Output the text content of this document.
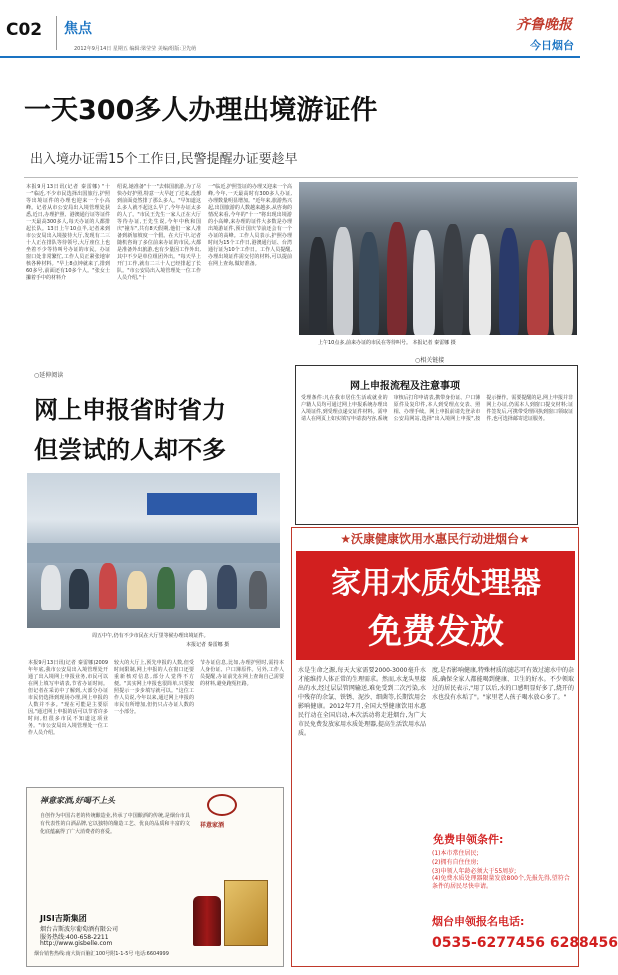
C02 焦点
2012年9月14日 星期五 编辑:梁莹莹 美编/组版:卫先萌
齐鲁晚报
今日烟台
一天300多人办理出境游证件
出入境办证需15个工作日,民警提醒办证要趁早
本报9月13日讯(记者 秦雷娜) "十一"临近,不少市民选择出国旅行,护照等出境证件的办理也迎来一个小高峰。记者从市公安局出入境管理处获悉,近日,办理护照、港澳通行证等证件一天最高300多人,每天办证的人都排起长队。13日上午10点半,记者来到市公安局出入境接待大厅,发现有二三十人正在排队等待领号,大厅座位上也坐着不少等待叫号办证的市民。办证窗口处非常繁忙,工作人员正紧张地审核各种材料。"早上8点钟就来了,排到60多号,前面还有10多个人。"张女士攥着手中的材料介
绍说,她准备"十一"去韩国旅游,为了尽快办好护照,特意一大早赶了过来,没想到前面竟然排了那么多人。"早知道这么多人就不起这么早了,今年办证太多的人了。"市民王先生一家人正在大厅等待办证,王先生说,今年中秋和国庆"撞车",共有8天假期,他们一家人准备到新加坡度一个假。在大厅中,记者随机咨询了多位前来办证的市民,大都是准备外出旅游,也有少量因工作外出,其中不少是单位组团外出。"每天早上开门工作,就有二三十人已经排起了长队。"市公安局出入境管理处一位工作人员介绍,"十
一"临近,护照签证的办理又迎来一个高峰,今年,一天最高时有300多人办证,办理数量明显增加。"近年来,旅游热兴起,出国旅游的人数越来越多,从咨询的情况来看,今年的"十一"将出现出境游的小高峰,来办理的证件大多数是办理出境游证件,预计国庆节前还会有一个办证的高峰。工作人员表示,护照办理时间为15个工作日,港澳通行证、台湾通行证为10个工作日。工作人员提醒,办理出境证件需交付的材料,可以提前在网上查询,做好准备。
上午10点多,前来办证的市民在等待叫号。 本报记者 秦雷娜 摄
○相关链接
网上申报流程及注意事项
受理条件:凡在我市居住生活或就业的户籍人员均可通过网上申报系统办理出入境证件,到受理点递交证件材料。需申请人在网页上如实填写申请表内容,系统审核后打印申请表,携带身份证、户口簿原件及复印件,本人到受理点交表、照相、办理手续。网上申报前请先登录市公安局网站,选择"出入境网上申报",按提示操作。需要提醒的是,网上申报并非网上办证,仍需本人到窗口提交材料;证件签发后,可携带受理回执到窗口领取证件,也可选择邮寄送证服务。
○延伸阅读
网上申报省时省力
但尝试的人却不多
周五中午,仍有不少市民在大厅里等候办理出境证件。
本报记者 秦雷娜 摄
本报9月13日讯(记者 秦雷娜)2009年年底,我市公安局出入境管理处开通了出入境网上申报业务,市民可以在网上填写申请表,节省办证时间。但记者在采访中了解到,大部分办证市民仍选择到现场办理,网上申报的人数并不多。"现在可能是主要原因,"通过网上申报的话可以节省许多时间,但很多市民不知道这项业务。"市公安局出入境管理处一位工作人员介绍。
较大的大厅上,预先申报的人数,但受时间限制,网上申报的人在窗口还要重新核对信息,部分人觉得不方便。"其实网上申报也很简单,只要按照提示一步步填写就可以。"这位工作人员说,今年以来,通过网上申报的市民有所增加,但仍只占办证人数的一小部分。
节办证信息,比如,办理护照时,需持本人身份证、户口簿原件。另外,工作人员提醒,办证前先在网上查询自己需要的材料,避免跑冤枉路。
★沃康健康饮用水惠民行动进烟台★
家用水质处理器
免费发放
水是生命之源,每天大家需要2000-3000毫升水才能维持人体正常的生理需求。然而,水龙头里接出的水,经过层层管网输送,难免受到二次污染,水中残存的余氯、铁锈、泥沙、细菌等,长期饮用会影响健康。2012年7月,全国大型健康饮用水惠民行动在全国启动,本次活动将走进烟台,为广大市民免费发放家用水质处理器,提高生活饮用水品质。
度,是否影响健康,特殊材质的滤芯可有效过滤水中的杂质,确保全家人都能喝到健康、卫生的好水。不少领取过的居民表示,"用了以后,水的口感明显好多了,烧开的水也没有水垢了"。"家里老人孩子喝水放心多了。"
免费申领条件:
(1)本市常住居民;
(2)拥有自住住房;
(3)申领人年龄必须大于55周岁;
(4)免费水质处理器限量发放800个,先报先得,望符合条件的居民尽快申请。
烟台申领报名电话:
0535-6277456 6288456
禅意家酒,好喝不上头
祥意家酒
自创作为中国古老的传统酿造业,传承了中国酿酒的传统,是烟台市具有代表性的白酒品牌,它以独特的酿造工艺、优良的品质和丰富的文化底蕴赢得了广大消费者的喜爱。
JISI吉斯集团
烟台吉斯波尔葡萄酒有限公司
服务热线:400-658-2211
http://www.gisbelle.com
烟台销售热线:南大街百脑汇100号附1-1-5号 电话:6604999
